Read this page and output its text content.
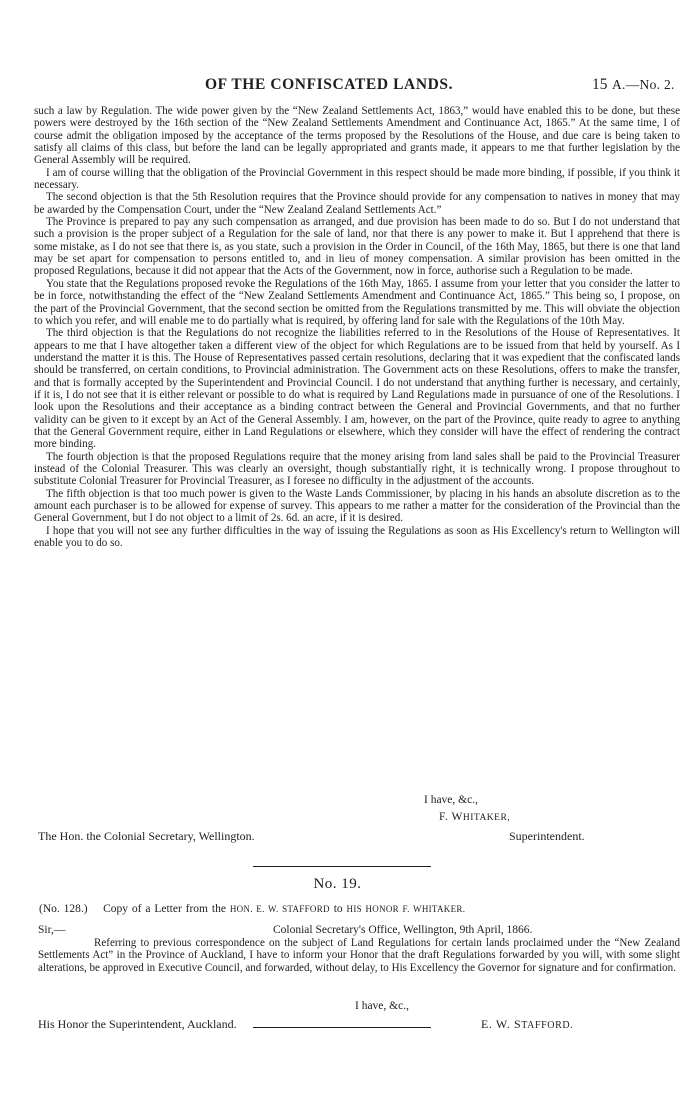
OF THE CONFISCATED LANDS.	15 A.—No. 2.

such a law by Regulation. The wide power given by the “New Zealand Settlements Act, 1863,” would have enabled this to be done, but these powers were destroyed by the 16th section of the “New Zealand Settlements Amendment and Continuance Act, 1865.” At the same time, I of course admit the obligation imposed by the acceptance of the terms proposed by the Resolutions of the House, and due care is being taken to satisfy all claims of this class, but before the land can be legally appropriated and grants made, it appears to me that further legislation by the General Assembly will be required.

I am of course willing that the obligation of the Provincial Government in this respect should be made more binding, if possible, if you think it necessary.

The second objection is that the 5th Resolution requires that the Province should provide for any compensation to natives in money that may be awarded by the Compensation Court, under the “New Zealand Zealand Settlements Act.”

The Province is prepared to pay any such compensation as arranged, and due provision has been made to do so. But I do not understand that such a provision is the proper subject of a Regulation for the sale of land, nor that there is any power to make it. But I apprehend that there is some mistake, as I do not see that there is, as you state, such a provision in the Order in Council, of the 16th May, 1865, but there is one that land may be set apart for compensation to persons entitled to, and in lieu of money compensation. A similar provision has been omitted in the proposed Regulations, because it did not appear that the Acts of the Government, now in force, authorise such a Regulation to be made.

You state that the Regulations proposed revoke the Regulations of the 16th May, 1865. I assume from your letter that you consider the latter to be in force, notwithstanding the effect of the “New Zealand Settlements Amendment and Continuance Act, 1865.” This being so, I propose, on the part of the Provincial Government, that the second section be omitted from the Regulations transmitted by me. This will obviate the objection to which you refer, and will enable me to do partially what is required, by offering land for sale with the Regulations of the 10th May.

The third objection is that the Regulations do not recognize the liabilities referred to in the Resolutions of the House of Representatives. It appears to me that I have altogether taken a different view of the object for which Regulations are to be issued from that held by yourself. As I understand the matter it is this. The House of Representatives passed certain resolutions, declaring that it was expedient that the confiscated lands should be transferred, on certain conditions, to Provincial administration. The Government acts on these Resolutions, offers to make the transfer, and that is formally accepted by the Superintendent and Provincial Council. I do not understand that anything further is necessary, and certainly, if it is, I do not see that it is either relevant or possible to do what is required by Land Regulations made in pursuance of one of the Resolutions. I look upon the Resolutions and their acceptance as a binding contract between the General and Provincial Governments, and that no further validity can be given to it except by an Act of the General Assembly. I am, however, on the part of the Province, quite ready to agree to anything that the General Government require, either in Land Regulations or elsewhere, which they consider will have the effect of rendering the contract more binding.

The fourth objection is that the proposed Regulations require that the money arising from land sales shall be paid to the Provincial Treasurer instead of the Colonial Treasurer. This was clearly an oversight, though substantially right, it is technically wrong. I propose throughout to substitute Colonial Treasurer for Provincial Treasurer, as I foresee no difficulty in the adjustment of the accounts.

The fifth objection is that too much power is given to the Waste Lands Commissioner, by placing in his hands an absolute discretion as to the amount each purchaser is to be allowed for expense of survey. This appears to me rather a matter for the consideration of the Provincial than the General Government, but I do not object to a limit of 2s. 6d. an acre, if it is desired.

I hope that you will not see any further difficulties in the way of issuing the Regulations as soon as His Excellency's return to Wellington will enable you to do so.

I have, &c.,
F. WHITAKER,
The Hon. the Colonial Secretary, Wellington.	Superintendent.
No. 19.
(No. 128.) Copy of a Letter from the HON. E. W. STAFFORD to HIS HONOR F. WHITAKER.
Sir,—	Colonial Secretary's Office, Wellington, 9th April, 1866.

Referring to previous correspondence on the subject of Land Regulations for certain lands proclaimed under the “New Zealand Settlements Act” in the Province of Auckland, I have to inform your Honor that the draft Regulations forwarded by you will, with some slight alterations, be approved in Executive Council, and forwarded, without delay, to His Excellency the Governor for signature and for confirmation.

I have, &c.,
His Honor the Superintendent, Auckland.	E. W. STAFFORD.
